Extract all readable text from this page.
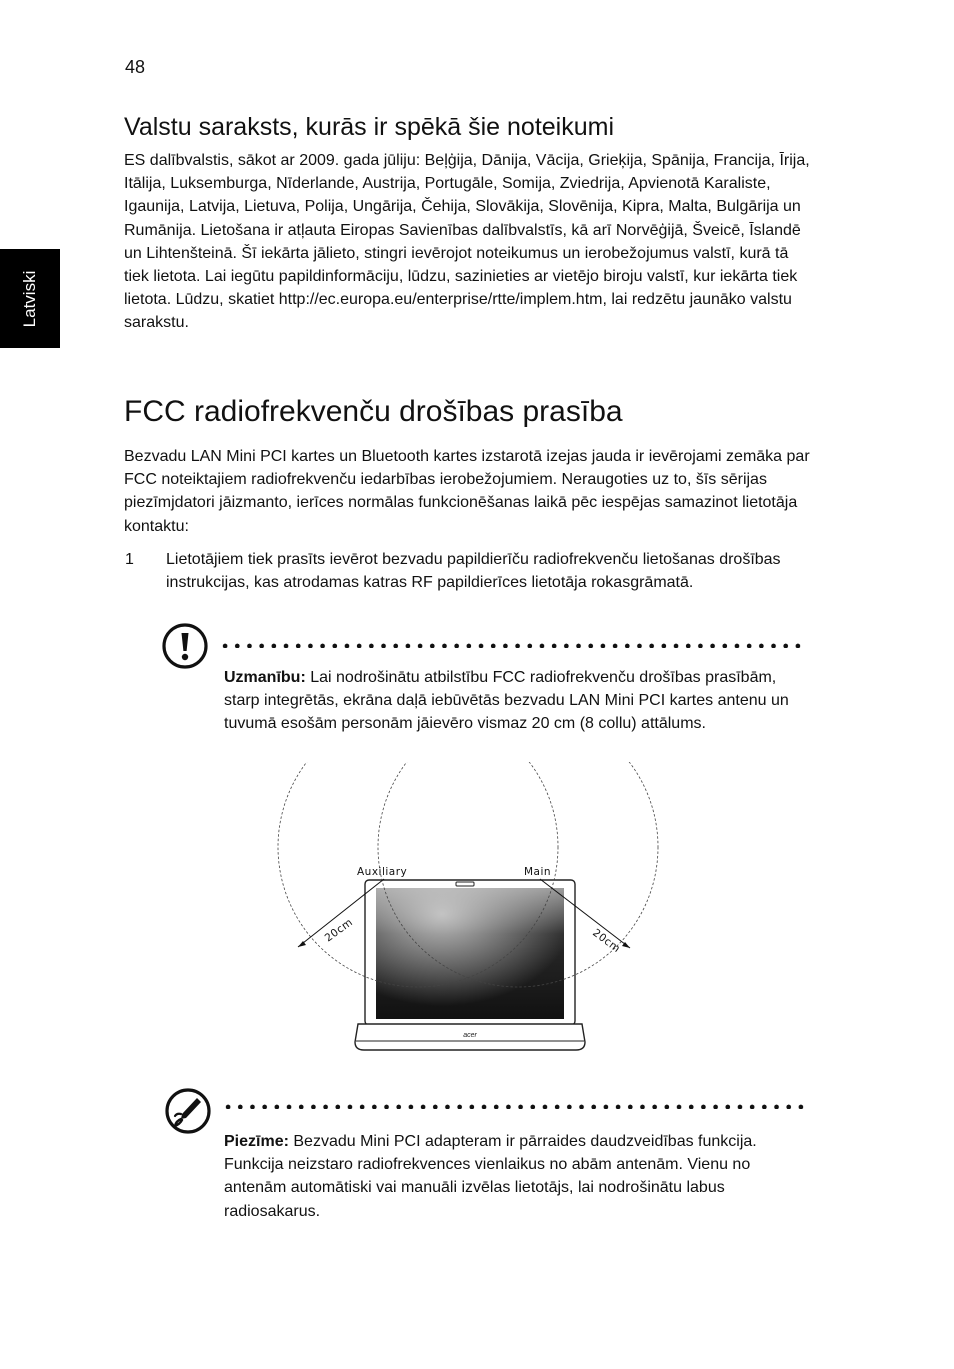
48
Latviski
Valstu saraksts, kurās ir spēkā šie noteikumi

ES dalībvalstis, sākot ar 2009. gada jūliju: Beļģija, Dānija, Vācija, Grieķija, Spānija, Francija, Īrija, Itālija, Luksemburga, Nīderlande, Austrija, Portugāle, Somija, Zviedrija, Apvienotā Karaliste, Igaunija, Latvija, Lietuva, Polija, Ungārija, Čehija, Slovākija, Slovēnija, Kipra, Malta, Bulgārija un Rumānija. Lietošana ir atļauta Eiropas Savienības dalībvalstīs, kā arī Norvēģijā, Šveicē, Īslandē un Lihtenšteinā. Šī iekārta jālieto, stingri ievērojot noteikumus un ierobežojumus valstī, kurā tā tiek lietota. Lai iegūtu papildinformāciju, lūdzu, sazinieties ar vietējo biroju valstī, kur iekārta tiek lietota. Lūdzu, skatiet http://ec.europa.eu/enterprise/rtte/implem.htm, lai redzētu jaunāko valstu sarakstu.

FCC radiofrekvenču drošības prasība

Bezvadu LAN Mini PCI kartes un Bluetooth kartes izstarotā izejas jauda ir ievērojami zemāka par FCC noteiktajiem radiofrekvenču iedarbības ierobežojumiem. Neraugoties uz to, šīs sērijas piezīmjdatori jāizmanto, ierīces normālas funkcionēšanas laikā pēc iespējas samazinot lietotāja kontaktu:

1 Lietotājiem tiek prasīts ievērot bezvadu papildierīču radiofrekvenču lietošanas drošības instrukcijas, kas atrodamas katras RF papildierīces lietotāja rokasgrāmatā.

Uzmanību: Lai nodrošinātu atbilstību FCC radiofrekvenču drošības prasībām, starp integrētās, ekrāna daļā iebūvētās bezvadu LAN Mini PCI kartes antenu un tuvumā esošām personām jāievēro vismaz 20 cm (8 collu) attālums.

acer
Auxiliary	Main
20cm	20cm

Piezīme: Bezvadu Mini PCI adapteram ir pārraides daudzveidības funkcija. Funkcija neizstaro radiofrekvences vienlaikus no abām antenām. Vienu no antenām automātiski vai manuāli izvēlas lietotājs, lai nodrošinātu labus radiosakarus.
